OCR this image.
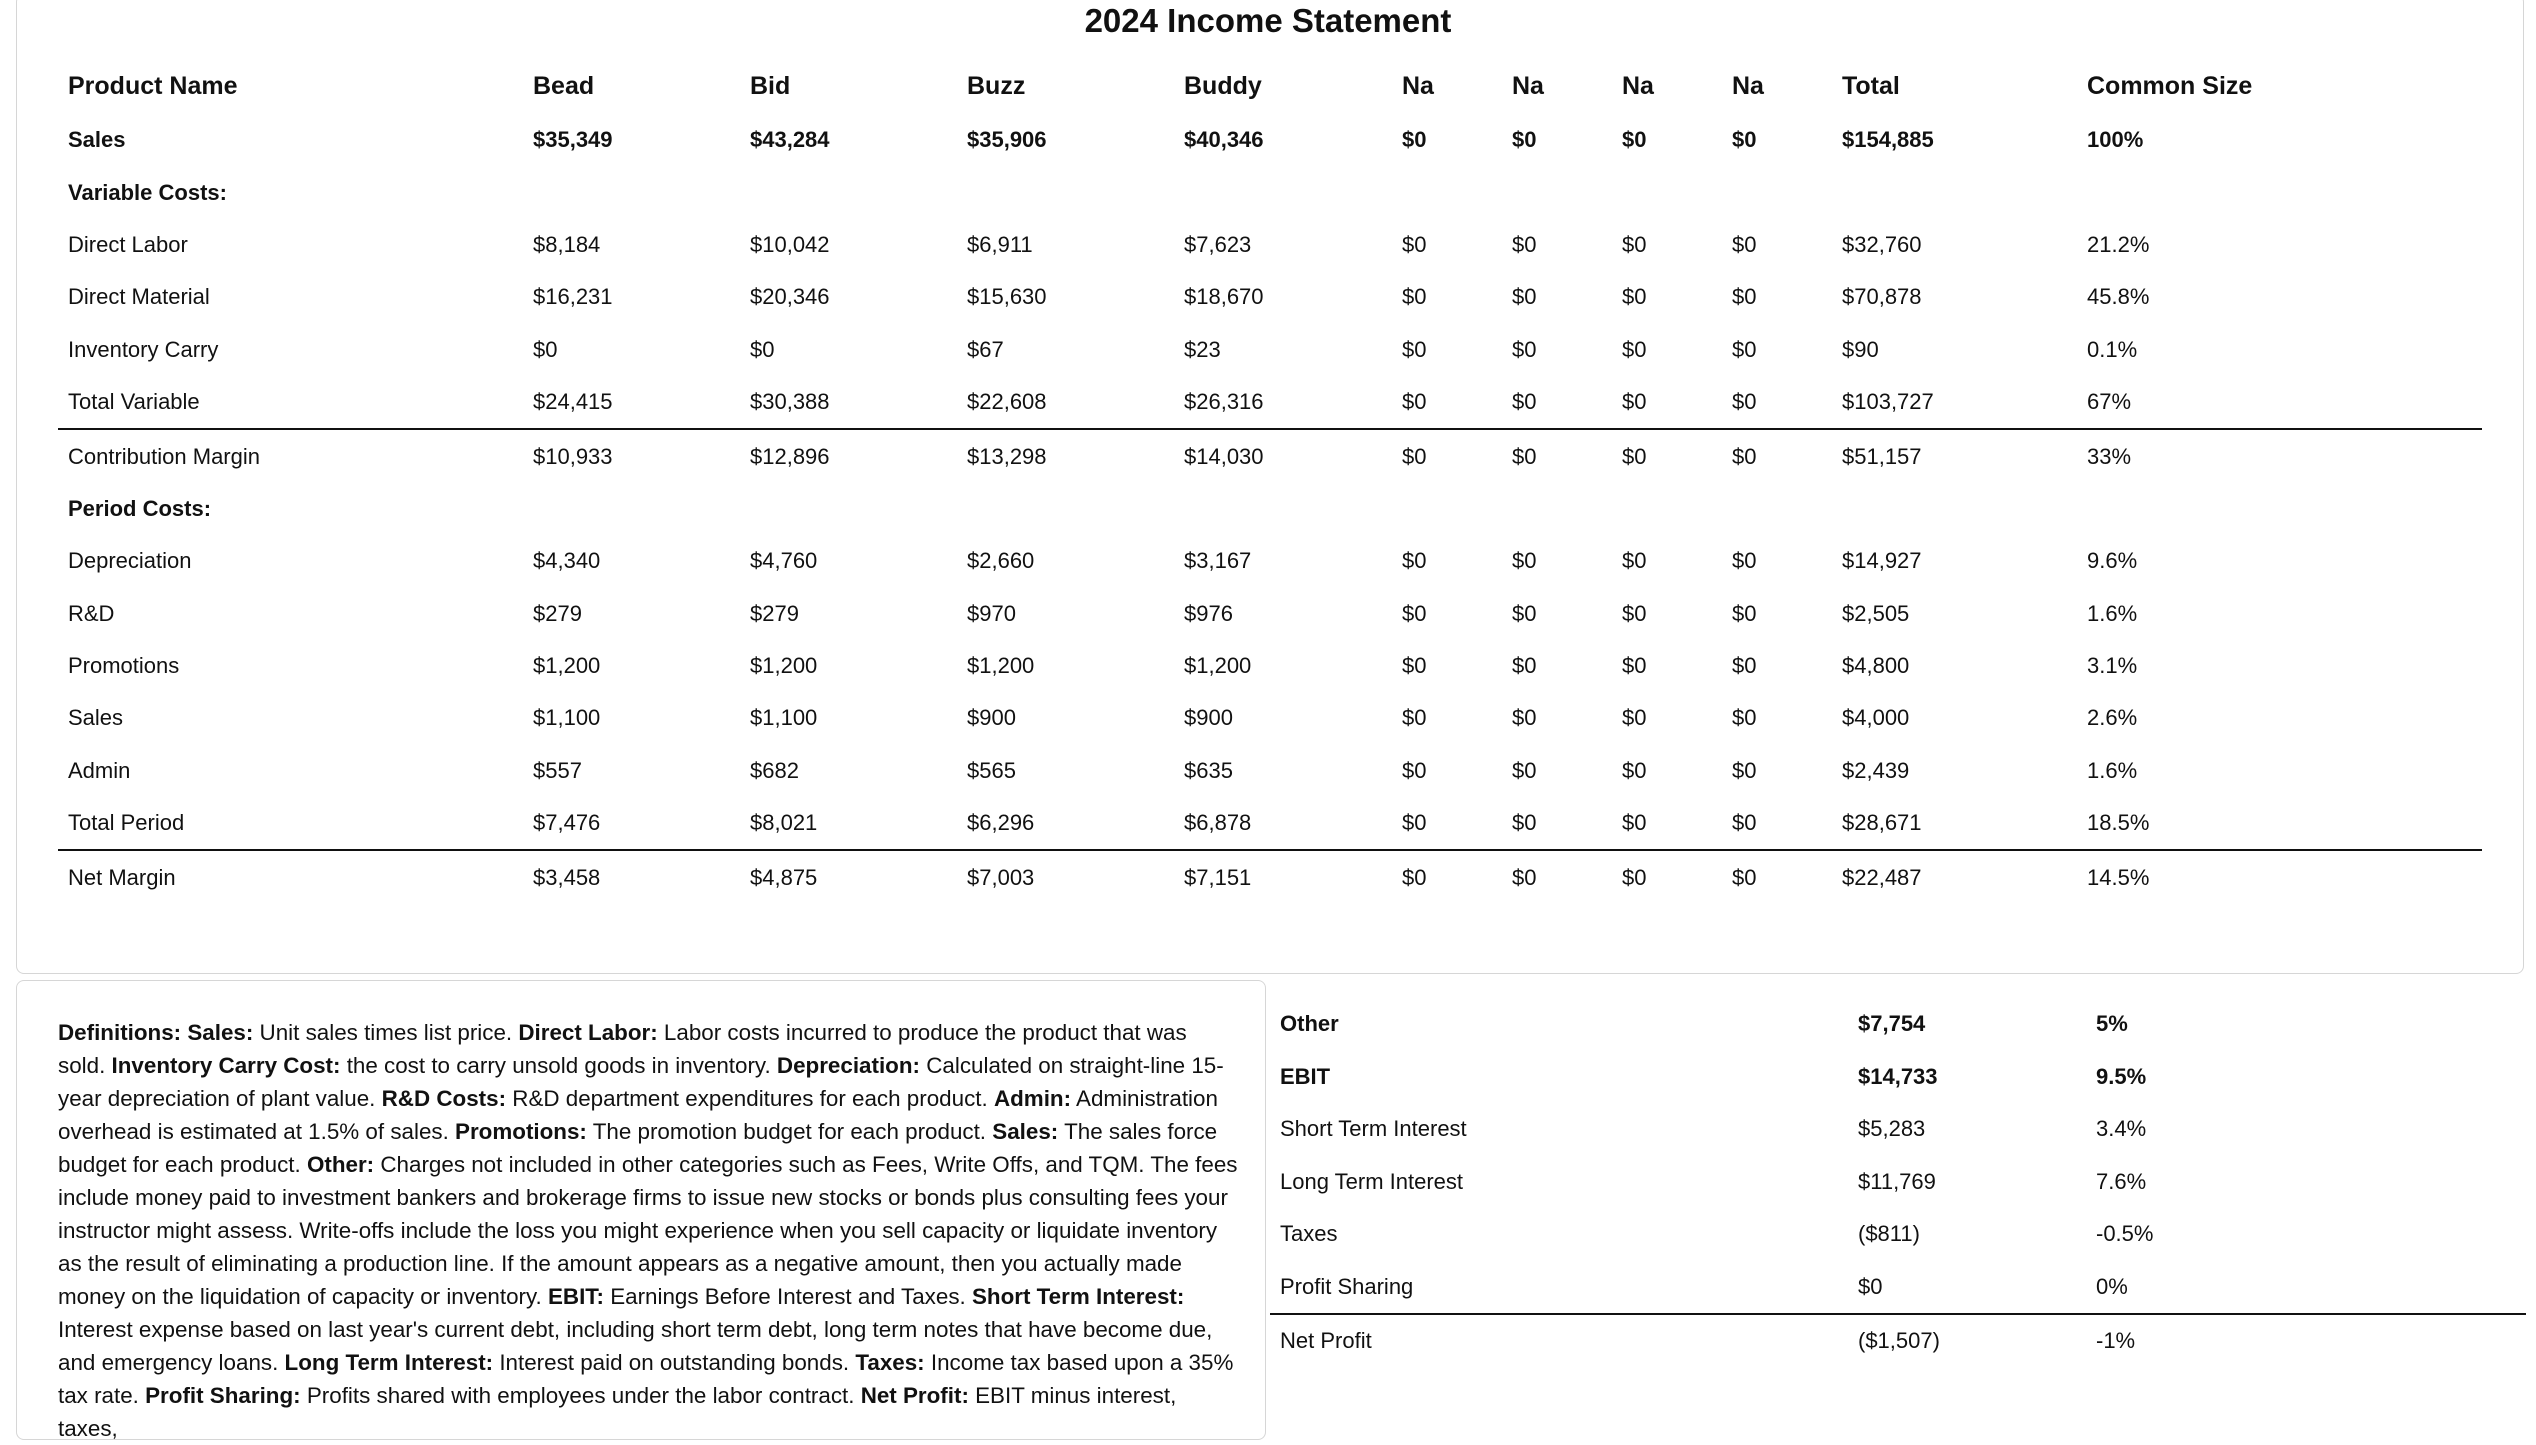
2024 Income Statement
Product Name	Bead	Bid	Buzz	Buddy	Na	Na	Na	Na	Total	Common Size
Sales	$35,349	$43,284	$35,906	$40,346	$0	$0	$0	$0	$154,885	100%
Variable Costs:										
Direct Labor	$8,184	$10,042	$6,911	$7,623	$0	$0	$0	$0	$32,760	21.2%
Direct Material	$16,231	$20,346	$15,630	$18,670	$0	$0	$0	$0	$70,878	45.8%
Inventory Carry	$0	$0	$67	$23	$0	$0	$0	$0	$90	0.1%
Total Variable	$24,415	$30,388	$22,608	$26,316	$0	$0	$0	$0	$103,727	67%
Contribution Margin	$10,933	$12,896	$13,298	$14,030	$0	$0	$0	$0	$51,157	33%
Period Costs:										
Depreciation	$4,340	$4,760	$2,660	$3,167	$0	$0	$0	$0	$14,927	9.6%
R&D	$279	$279	$970	$976	$0	$0	$0	$0	$2,505	1.6%
Promotions	$1,200	$1,200	$1,200	$1,200	$0	$0	$0	$0	$4,800	3.1%
Sales	$1,100	$1,100	$900	$900	$0	$0	$0	$0	$4,000	2.6%
Admin	$557	$682	$565	$635	$0	$0	$0	$0	$2,439	1.6%
Total Period	$7,476	$8,021	$6,296	$6,878	$0	$0	$0	$0	$28,671	18.5%
Net Margin	$3,458	$4,875	$7,003	$7,151	$0	$0	$0	$0	$22,487	14.5%
Definitions: Sales: Unit sales times list price. Direct Labor: Labor costs incurred to produce the product that was sold. Inventory Carry Cost: the cost to carry unsold goods in inventory. Depreciation: Calculated on straight-line 15-year depreciation of plant value. R&D Costs: R&D department expenditures for each product. Admin: Administration overhead is estimated at 1.5% of sales. Promotions: The promotion budget for each product. Sales: The sales force budget for each product. Other: Charges not included in other categories such as Fees, Write Offs, and TQM. The fees include money paid to investment bankers and brokerage firms to issue new stocks or bonds plus consulting fees your instructor might assess. Write-offs include the loss you might experience when you sell capacity or liquidate inventory as the result of eliminating a production line. If the amount appears as a negative amount, then you actually made money on the liquidation of capacity or inventory. EBIT: Earnings Before Interest and Taxes. Short Term Interest: Interest expense based on last year's current debt, including short term debt, long term notes that have become due, and emergency loans. Long Term Interest: Interest paid on outstanding bonds. Taxes: Income tax based upon a 35% tax rate. Profit Sharing: Profits shared with employees under the labor contract. Net Profit: EBIT minus interest, taxes,
Other	$7,754	5%
EBIT	$14,733	9.5%
Short Term Interest	$5,283	3.4%
Long Term Interest	$11,769	7.6%
Taxes	($811)	-0.5%
Profit Sharing	$0	0%
Net Profit	($1,507)	-1%
